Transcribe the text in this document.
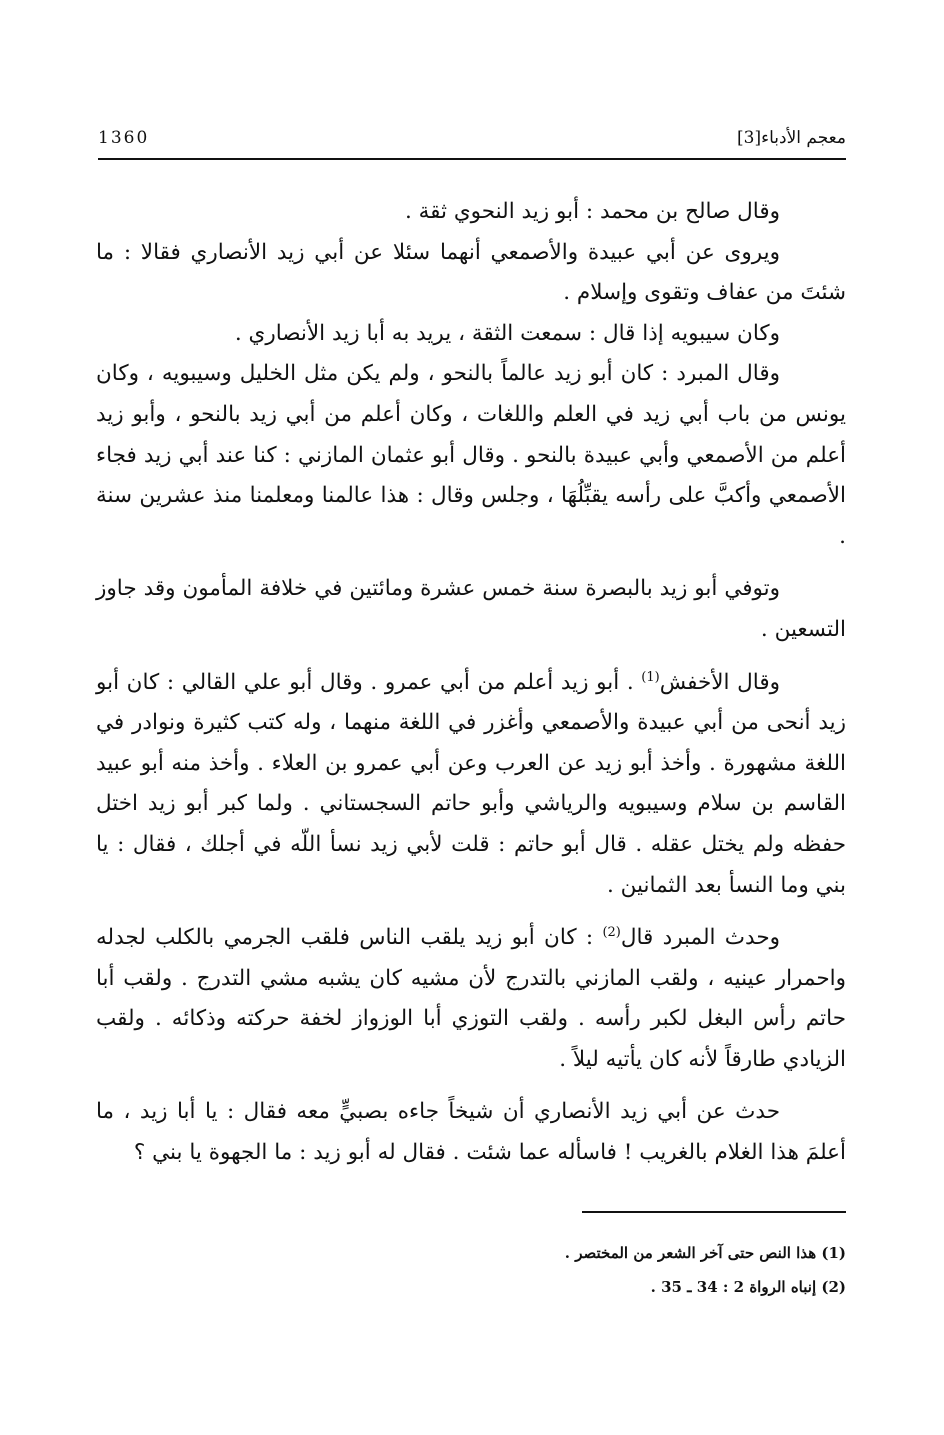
1360	معجم الأدباء[3]

وقال صالح بن محمد : أبو زيد النحوي ثقة .

ويروى عن أبي عبيدة والأصمعي أنهما سئلا عن أبي زيد الأنصاري فقالا : ما شئتَ من عفاف وتقوى وإسلام .

وكان سيبويه إذا قال : سمعت الثقة ، يريد به أبا زيد الأنصاري .

وقال المبرد : كان أبو زيد عالماً بالنحو ، ولم يكن مثل الخليل وسيبويه ، وكان يونس من باب أبي زيد في العلم واللغات ، وكان أعلم من أبي زيد بالنحو ، وأبو زيد أعلم من الأصمعي وأبي عبيدة بالنحو . وقال أبو عثمان المازني : كنا عند أبي زيد فجاء الأصمعي وأكبَّ على رأسه يقبِّلُهَا ، وجلس وقال : هذا عالمنا ومعلمنا منذ عشرين سنة .

وتوفي أبو زيد بالبصرة سنة خمس عشرة ومائتين في خلافة المأمون وقد جاوز التسعين .

وقال الأخفش$^{(1)}$ . أبو زيد أعلم من أبي عمرو . وقال أبو علي القالي : كان أبو زيد أنحى من أبي عبيدة والأصمعي وأغزر في اللغة منهما ، وله كتب كثيرة ونوادر في اللغة مشهورة . وأخذ أبو زيد عن العرب وعن أبي عمرو بن العلاء . وأخذ منه أبو عبيد القاسم بن سلام وسيبويه والرياشي وأبو حاتم السجستاني . ولما كبر أبو زيد اختل حفظه ولم يختل عقله . قال أبو حاتم : قلت لأبي زيد نسأ اللّه في أجلك ، فقال : يا بني وما النسأ بعد الثمانين .

وحدث المبرد قال$^{(2)}$ : كان أبو زيد يلقب الناس فلقب الجرمي بالكلب لجدله واحمرار عينيه ، ولقب المازني بالتدرج لأن مشيه كان يشبه مشي التدرج . ولقب أبا حاتم رأس البغل لكبر رأسه . ولقب التوزي أبا الوزواز لخفة حركته وذكائه . ولقب الزيادي طارقاً لأنه كان يأتيه ليلاً .

حدث عن أبي زيد الأنصاري أن شيخاً جاءه بصبيٍّ معه فقال : يا أبا زيد ، ما أعلمَ هذا الغلام بالغريب ! فاسأله عما شئت . فقال له أبو زيد : ما الجهوة يا بني ؟

(1) هذا النص حتى آخر الشعر من المختصر .
(2) إنباه الرواة 2 : 34 ـ 35 .
